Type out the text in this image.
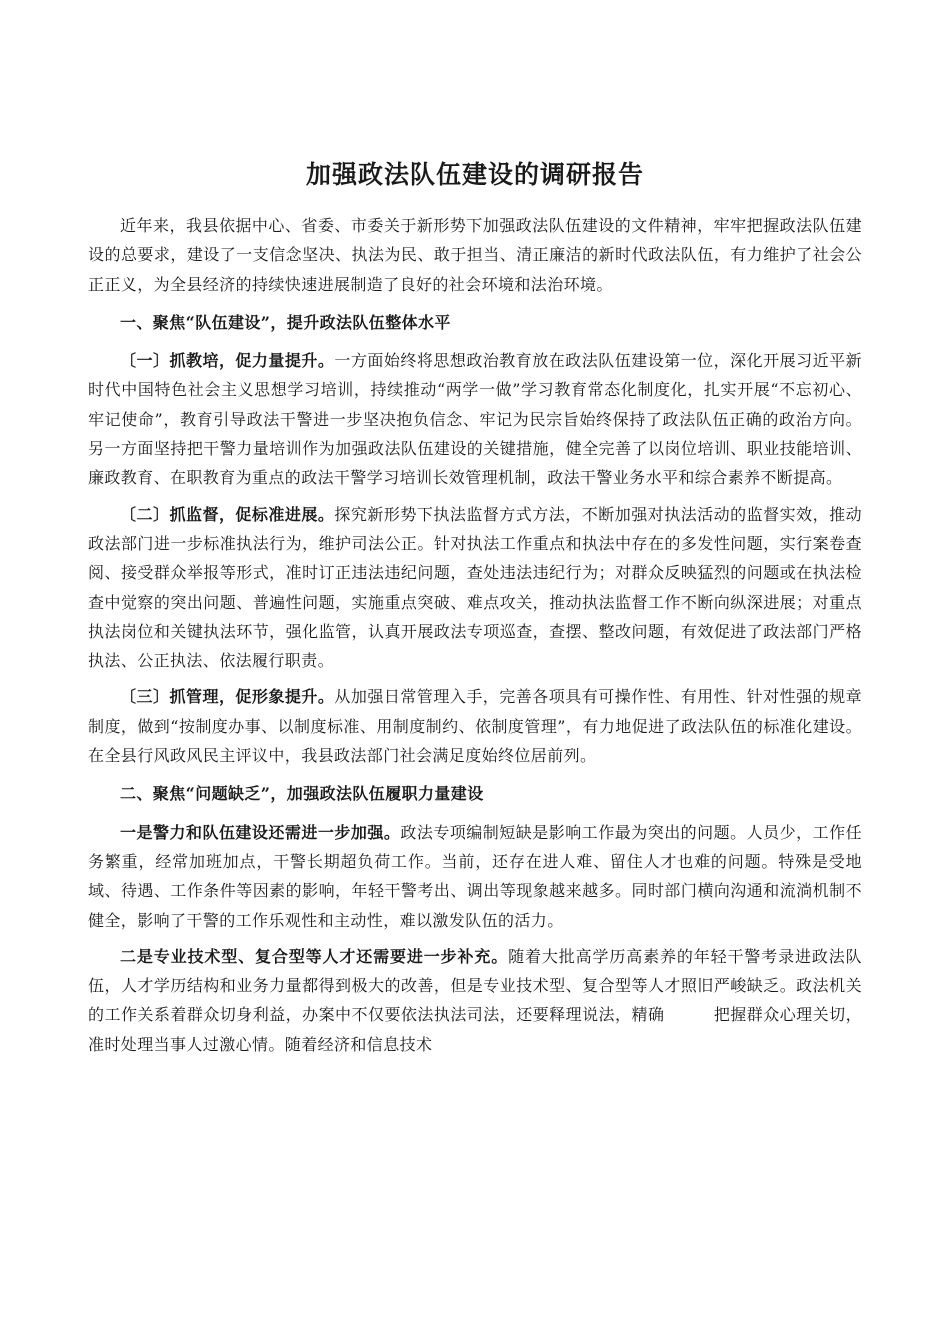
加强政法队伍建设的调研报告

近年来，我县依据中心、省委、市委关于新形势下加强政法队伍建设的文件精神，牢牢把握政法队伍建设的总要求，建设了一支信念坚决、执法为民、敢于担当、清正廉洁的新时代政法队伍，有力维护了社会公正正义，为全县经济的持续快速进展制造了良好的社会环境和法治环境。

一、聚焦“队伍建设”，提升政法队伍整体水平

〔一〕抓教培，促力量提升。一方面始终将思想政治教育放在政法队伍建设第一位，深化开展习近平新时代中国特色社会主义思想学习培训，持续推动“两学一做”学习教育常态化制度化，扎实开展“不忘初心、牢记使命”，教育引导政法干警进一步坚决抱负信念、牢记为民宗旨始终保持了政法队伍正确的政治方向。另一方面坚持把干警力量培训作为加强政法队伍建设的关键措施，健全完善了以岗位培训、职业技能培训、廉政教育、在职教育为重点的政法干警学习培训长效管理机制，政法干警业务水平和综合素养不断提高。

〔二〕抓监督，促标准进展。探究新形势下执法监督方式方法，不断加强对执法活动的监督实效，推动政法部门进一步标准执法行为，维护司法公正。针对执法工作重点和执法中存在的多发性问题，实行案卷查阅、接受群众举报等形式，准时订正违法违纪问题，查处违法违纪行为；对群众反映猛烈的问题或在执法检查中觉察的突出问题、普遍性问题，实施重点突破、难点攻关，推动执法监督工作不断向纵深进展；对重点执法岗位和关键执法环节，强化监管，认真开展政法专项巡查，查摆、整改问题，有效促进了政法部门严格执法、公正执法、依法履行职责。

〔三〕抓管理，促形象提升。从加强日常管理入手，完善各项具有可操作性、有用性、针对性强的规章制度，做到“按制度办事、以制度标准、用制度制约、依制度管理”，有力地促进了政法队伍的标准化建设。在全县行风政风民主评议中，我县政法部门社会满足度始终位居前列。

二、聚焦“问题缺乏”，加强政法队伍履职力量建设

一是警力和队伍建设还需进一步加强。政法专项编制短缺是影响工作最为突出的问题。人员少，工作任务繁重，经常加班加点，干警长期超负荷工作。当前，还存在进人难、留住人才也难的问题。特殊是受地域、待遇、工作条件等因素的影响，年轻干警考出、调出等现象越来越多。同时部门横向沟通和流淌机制不健全，影响了干警的工作乐观性和主动性，难以激发队伍的活力。

二是专业技术型、复合型等人才还需要进一步补充。随着大批高学历高素养的年轻干警考录进政法队伍，人才学历结构和业务力量都得到极大的改善，但是专业技术型、复合型等人才照旧严峻缺乏。政法机关的工作关系着群众切身利益，办案中不仅要依法执法司法，还要释理说法，精确　　　把握群众心理关切，准时处理当事人过激心情。随着经济和信息技术
